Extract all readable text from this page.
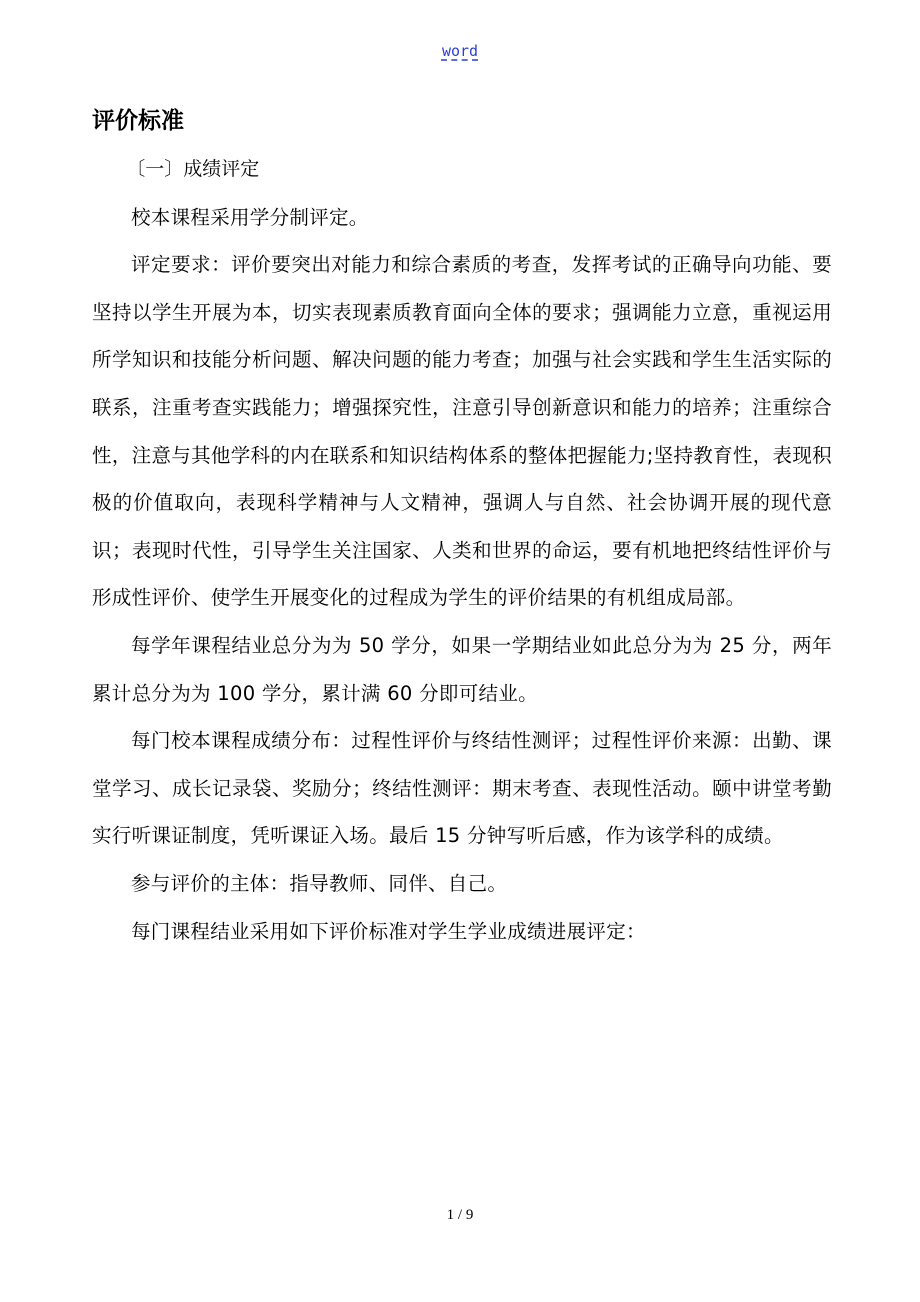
word
评价标准

〔一〕成绩评定

校本课程采用学分制评定。

评定要求：评价要突出对能力和综合素质的考查，发挥考试的正确导向功能、要坚持以学生开展为本，切实表现素质教育面向全体的要求；强调能力立意，重视运用所学知识和技能分析问题、解决问题的能力考查；加强与社会实践和学生生活实际的联系，注重考查实践能力；增强探究性，注意引导创新意识和能力的培养；注重综合性，注意与其他学科的内在联系和知识结构体系的整体把握能力;坚持教育性，表现积极的价值取向，表现科学精神与人文精神，强调人与自然、社会协调开展的现代意识；表现时代性，引导学生关注国家、人类和世界的命运，要有机地把终结性评价与形成性评价、使学生开展变化的过程成为学生的评价结果的有机组成局部。

每学年课程结业总分为为 50 学分，如果一学期结业如此总分为为 25 分，两年累计总分为为 100 学分，累计满 60 分即可结业。

每门校本课程成绩分布：过程性评价与终结性测评；过程性评价来源：出勤、课堂学习、成长记录袋、奖励分；终结性测评：期末考查、表现性活动。颐中讲堂考勤实行听课证制度，凭听课证入场。最后 15 分钟写听后感，作为该学科的成绩。

参与评价的主体：指导教师、同伴、自己。

每门课程结业采用如下评价标准对学生学业成绩进展评定：

1 / 9
